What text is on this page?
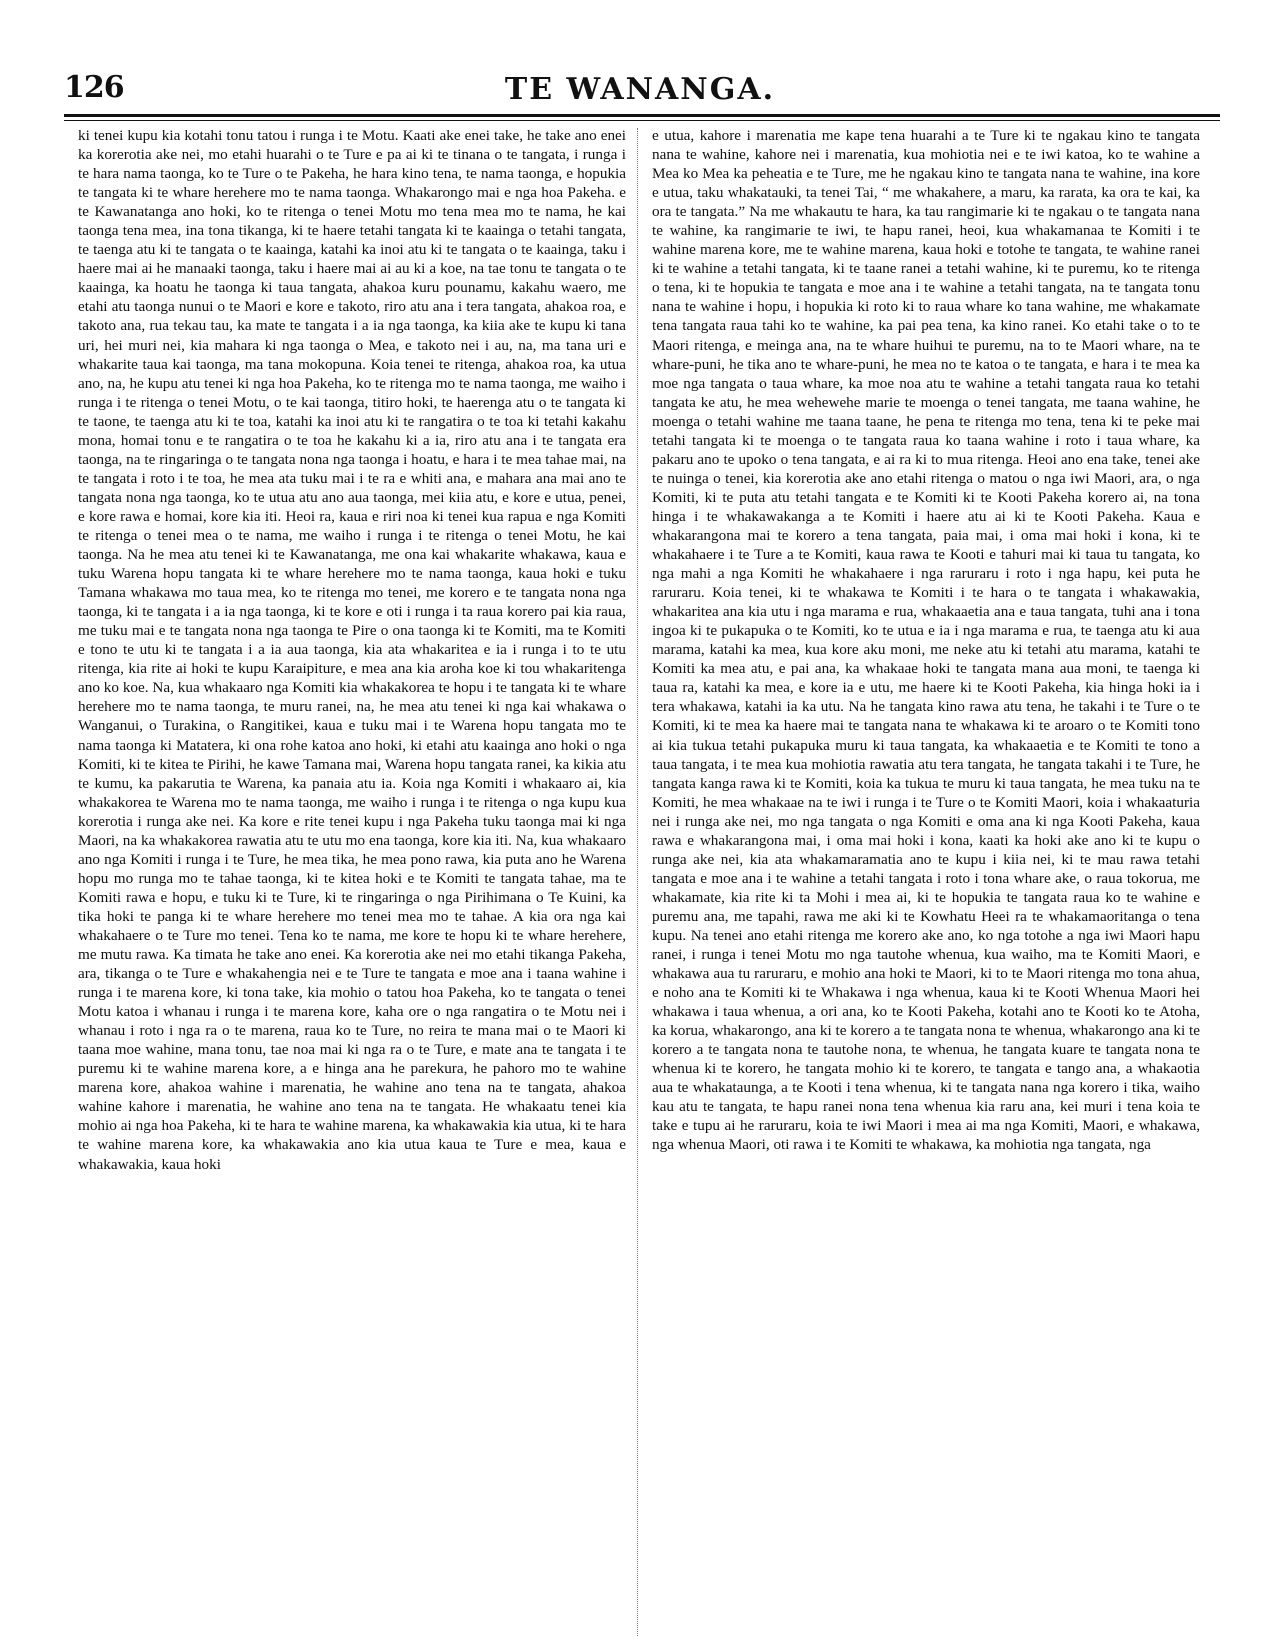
126	TE WANANGA.

ki tenei kupu kia kotahi tonu tatou i runga i te Motu. Kaati ake enei take, he take ano enei ka korerotia ake nei, mo etahi huarahi o te Ture e pa ai ki te tinana o te tangata, i runga i te hara nama taonga, ko te Ture o te Pakeha, he hara kino tena, te nama taonga, e hopukia te tangata ki te whare herehere mo te nama taonga. Whakarongo mai e nga hoa Pakeha. e te Kawanatanga ano hoki, ko te ritenga o tenei Motu mo tena mea mo te nama, he kai taonga tena mea, ina tona tikanga, ki te haere tetahi tangata ki te kaainga o tetahi tangata, te taenga atu ki te tangata o te kaainga, katahi ka inoi atu ki te tangata o te kaainga, taku i haere mai ai he manaaki taonga, taku i haere mai ai au ki a koe, na tae tonu te tangata o te kaainga, ka hoatu he taonga ki taua tangata, ahakoa kuru pounamu, kakahu waero, me etahi atu taonga nunui o te Maori e kore e takoto, riro atu ana i tera tangata, ahakoa roa, e takoto ana, rua tekau tau, ka mate te tangata i a ia nga taonga, ka kiia ake te kupu ki tana uri, hei muri nei, kia mahara ki nga taonga o Mea, e takoto nei i au, na, ma tana uri e whakarite taua kai taonga, ma tana mokopuna. Koia tenei te ritenga, ahakoa roa, ka utua ano, na, he kupu atu tenei ki nga hoa Pakeha, ko te ritenga mo te nama taonga, me waiho i runga i te ritenga o tenei Motu, o te kai taonga, titiro hoki, te haerenga atu o te tangata ki te taone, te taenga atu ki te toa, katahi ka inoi atu ki te rangatira o te toa ki tetahi kakahu mona, homai tonu e te rangatira o te toa he kakahu ki a ia, riro atu ana i te tangata era taonga, na te ringaringa o te tangata nona nga taonga i hoatu, e hara i te mea tahae mai, na te tangata i roto i te toa, he mea ata tuku mai i te ra e whiti ana, e mahara ana mai ano te tangata nona nga taonga, ko te utua atu ano aua taonga, mei kiia atu, e kore e utua, penei, e kore rawa e homai, kore kia iti. Heoi ra, kaua e riri noa ki tenei kua rapua e nga Komiti te ritenga o tenei mea o te nama, me waiho i runga i te ritenga o tenei Motu, he kai taonga. Na he mea atu tenei ki te Kawanatanga, me ona kai whakarite whakawa, kaua e tuku Warena hopu tangata ki te whare herehere mo te nama taonga, kaua hoki e tuku Tamana whakawa mo taua mea, ko te ritenga mo tenei, me korero e te tangata nona nga taonga, ki te tangata i a ia nga taonga, ki te kore e oti i runga i ta raua korero pai kia raua, me tuku mai e te tangata nona nga taonga te Pire o ona taonga ki te Komiti, ma te Komiti e tono te utu ki te tangata i a ia aua taonga, kia ata whakaritea e ia i runga i to te utu ritenga, kia rite ai hoki te kupu Karaipiture, e mea ana kia aroha koe ki tou whakaritenga ano ko koe. Na, kua whakaaro nga Komiti kia whakakorea te hopu i te tangata ki te whare herehere mo te nama taonga, te muru ranei, na, he mea atu tenei ki nga kai whakawa o Wanganui, o Turakina, o Rangitikei, kaua e tuku mai i te Warena hopu tangata mo te nama taonga ki Matatera, ki ona rohe katoa ano hoki, ki etahi atu kaainga ano hoki o nga Komiti, ki te kitea te Pirihi, he kawe Tamana mai, Warena hopu tangata ranei, ka kikia atu te kumu, ka pakarutia te Warena, ka panaia atu ia. Koia nga Komiti i whakaaro ai, kia whakakorea te Warena mo te nama taonga, me waiho i runga i te ritenga o nga kupu kua korerotia i runga ake nei. Ka kore e rite tenei kupu i nga Pakeha tuku taonga mai ki nga Maori, na ka whakakorea rawatia atu te utu mo ena taonga, kore kia iti. Na, kua whakaaro ano nga Komiti i runga i te Ture, he mea tika, he mea pono rawa, kia puta ano he Warena hopu mo runga mo te tahae taonga, ki te kitea hoki e te Komiti te tangata tahae, ma te Komiti rawa e hopu, e tuku ki te Ture, ki te ringaringa o nga Pirihimana o Te Kuini, ka tika hoki te panga ki te whare herehere mo tenei mea mo te tahae. A kia ora nga kai whakahaere o te Ture mo tenei. Tena ko te nama, me kore te hopu ki te whare herehere, me mutu rawa. Ka timata he take ano enei. Ka korerotia ake nei mo etahi tikanga Pakeha, ara, tikanga o te Ture e whakahengia nei e te Ture te tangata e moe ana i taana wahine i runga i te marena kore, ki tona take, kia mohio o tatou hoa Pakeha, ko te tangata o tenei Motu katoa i whanau i runga i te marena kore, kaha ore o nga rangatira o te Motu nei i whanau i roto i nga ra o te marena, raua ko te Ture, no reira te mana mai o te Maori ki taana moe wahine, mana tonu, tae noa mai ki nga ra o te Ture, e mate ana te tangata i te puremu ki te wahine marena kore, a e hinga ana he parekura, he pahoro mo te wahine marena kore, ahakoa wahine i marenatia, he wahine ano tena na te tangata, ahakoa wahine kahore i marenatia, he wahine ano tena na te tangata. He whakaatu tenei kia mohio ai nga hoa Pakeha, ki te hara te wahine marena, ka whakawakia kia utua, ki te hara te wahine marena kore, ka whakawakia ano kia utua kaua te Ture e mea, kaua e whakawakia, kaua hoki

e utua, kahore i marenatia me kape tena huarahi a te Ture ki te ngakau kino te tangata nana te wahine, kahore nei i marenatia, kua mohiotia nei e te iwi katoa, ko te wahine a Mea ko Mea ka peheatia e te Ture, me he ngakau kino te tangata nana te wahine, ina kore e utua, taku whakatauki, ta tenei Tai, “ me whakahere, a maru, ka rarata, ka ora te kai, ka ora te tangata.” Na me whakautu te hara, ka tau rangimarie ki te ngakau o te tangata nana te wahine, ka rangimarie te iwi, te hapu ranei, heoi, kua whakamanaa te Komiti i te wahine marena kore, me te wahine marena, kaua hoki e totohe te tangata, te wahine ranei ki te wahine a tetahi tangata, ki te taane ranei a tetahi wahine, ki te puremu, ko te ritenga o tena, ki te hopukia te tangata e moe ana i te wahine a tetahi tangata, na te tangata tonu nana te wahine i hopu, i hopukia ki roto ki to raua whare ko tana wahine, me whakamate tena tangata raua tahi ko te wahine, ka pai pea tena, ka kino ranei. Ko etahi take o to te Maori ritenga, e meinga ana, na te whare huihui te puremu, na to te Maori whare, na te whare-puni, he tika ano te whare-puni, he mea no te katoa o te tangata, e hara i te mea ka moe nga tangata o taua whare, ka moe noa atu te wahine a tetahi tangata raua ko tetahi tangata ke atu, he mea wehewehe marie te moenga o tenei tangata, me taana wahine, he moenga o tetahi wahine me taana taane, he pena te ritenga mo tena, tena ki te peke mai tetahi tangata ki te moenga o te tangata raua ko taana wahine i roto i taua whare, ka pakaru ano te upoko o tena tangata, e ai ra ki to mua ritenga. Heoi ano ena take, tenei ake te nuinga o tenei, kia korerotia ake ano etahi ritenga o matou o nga iwi Maori, ara, o nga Komiti, ki te puta atu tetahi tangata e te Komiti ki te Kooti Pakeha korero ai, na tona hinga i te whakawakanga a te Komiti i haere atu ai ki te Kooti Pakeha. Kaua e whakarangona mai te korero a tena tangata, paia mai, i oma mai hoki i kona, ki te whakahaere i te Ture a te Komiti, kaua rawa te Kooti e tahuri mai ki taua tu tangata, ko nga mahi a nga Komiti he whakahaere i nga raruraru i roto i nga hapu, kei puta he raruraru. Koia tenei, ki te whakawa te Komiti i te hara o te tangata i whakawakia, whakaritea ana kia utu i nga marama e rua, whakaaetia ana e taua tangata, tuhi ana i tona ingoa ki te pukapuka o te Komiti, ko te utua e ia i nga marama e rua, te taenga atu ki aua marama, katahi ka mea, kua kore aku moni, me neke atu ki tetahi atu marama, katahi te Komiti ka mea atu, e pai ana, ka whakaae hoki te tangata mana aua moni, te taenga ki taua ra, katahi ka mea, e kore ia e utu, me haere ki te Kooti Pakeha, kia hinga hoki ia i tera whakawa, katahi ia ka utu. Na he tangata kino rawa atu tena, he takahi i te Ture o te Komiti, ki te mea ka haere mai te tangata nana te whakawa ki te aroaro o te Komiti tono ai kia tukua tetahi pukapuka muru ki taua tangata, ka whakaaetia e te Komiti te tono a taua tangata, i te mea kua mohiotia rawatia atu tera tangata, he tangata takahi i te Ture, he tangata kanga rawa ki te Komiti, koia ka tukua te muru ki taua tangata, he mea tuku na te Komiti, he mea whakaae na te iwi i runga i te Ture o te Komiti Maori, koia i whakaaturia nei i runga ake nei, mo nga tangata o nga Komiti e oma ana ki nga Kooti Pakeha, kaua rawa e whakarangona mai, i oma mai hoki i kona, kaati ka hoki ake ano ki te kupu o runga ake nei, kia ata whakamaramatia ano te kupu i kiia nei, ki te mau rawa tetahi tangata e moe ana i te wahine a tetahi tangata i roto i tona whare ake, o raua tokorua, me whakamate, kia rite ki ta Mohi i mea ai, ki te hopukia te tangata raua ko te wahine e puremu ana, me tapahi, rawa me aki ki te Kowhatu Heei ra te whakamaoritanga o tena kupu. Na tenei ano etahi ritenga me korero ake ano, ko nga totohe a nga iwi Maori hapu ranei, i runga i tenei Motu mo nga tautohe whenua, kua waiho, ma te Komiti Maori, e whakawa aua tu raruraru, e mohio ana hoki te Maori, ki to te Maori ritenga mo tona ahua, e noho ana te Komiti ki te Whakawa i nga whenua, kaua ki te Kooti Whenua Maori hei whakawa i taua whenua, a ori ana, ko te Kooti Pakeha, kotahi ano te Kooti ko te Atoha, ka korua, whakarongo, ana ki te korero a te tangata nona te whenua, whakarongo ana ki te korero a te tangata nona te tautohe nona, te whenua, he tangata kuare te tangata nona te whenua ki te korero, he tangata mohio ki te korero, te tangata e tango ana, a whakaotia aua te whakataunga, a te Kooti i tena whenua, ki te tangata nana nga korero i tika, waiho kau atu te tangata, te hapu ranei nona tena whenua kia raru ana, kei muri i tena koia te take e tupu ai he raruraru, koia te iwi Maori i mea ai ma nga Komiti, Maori, e whakawa, nga whenua Maori, oti rawa i te Komiti te whakawa, ka mohiotia nga tangata, nga
